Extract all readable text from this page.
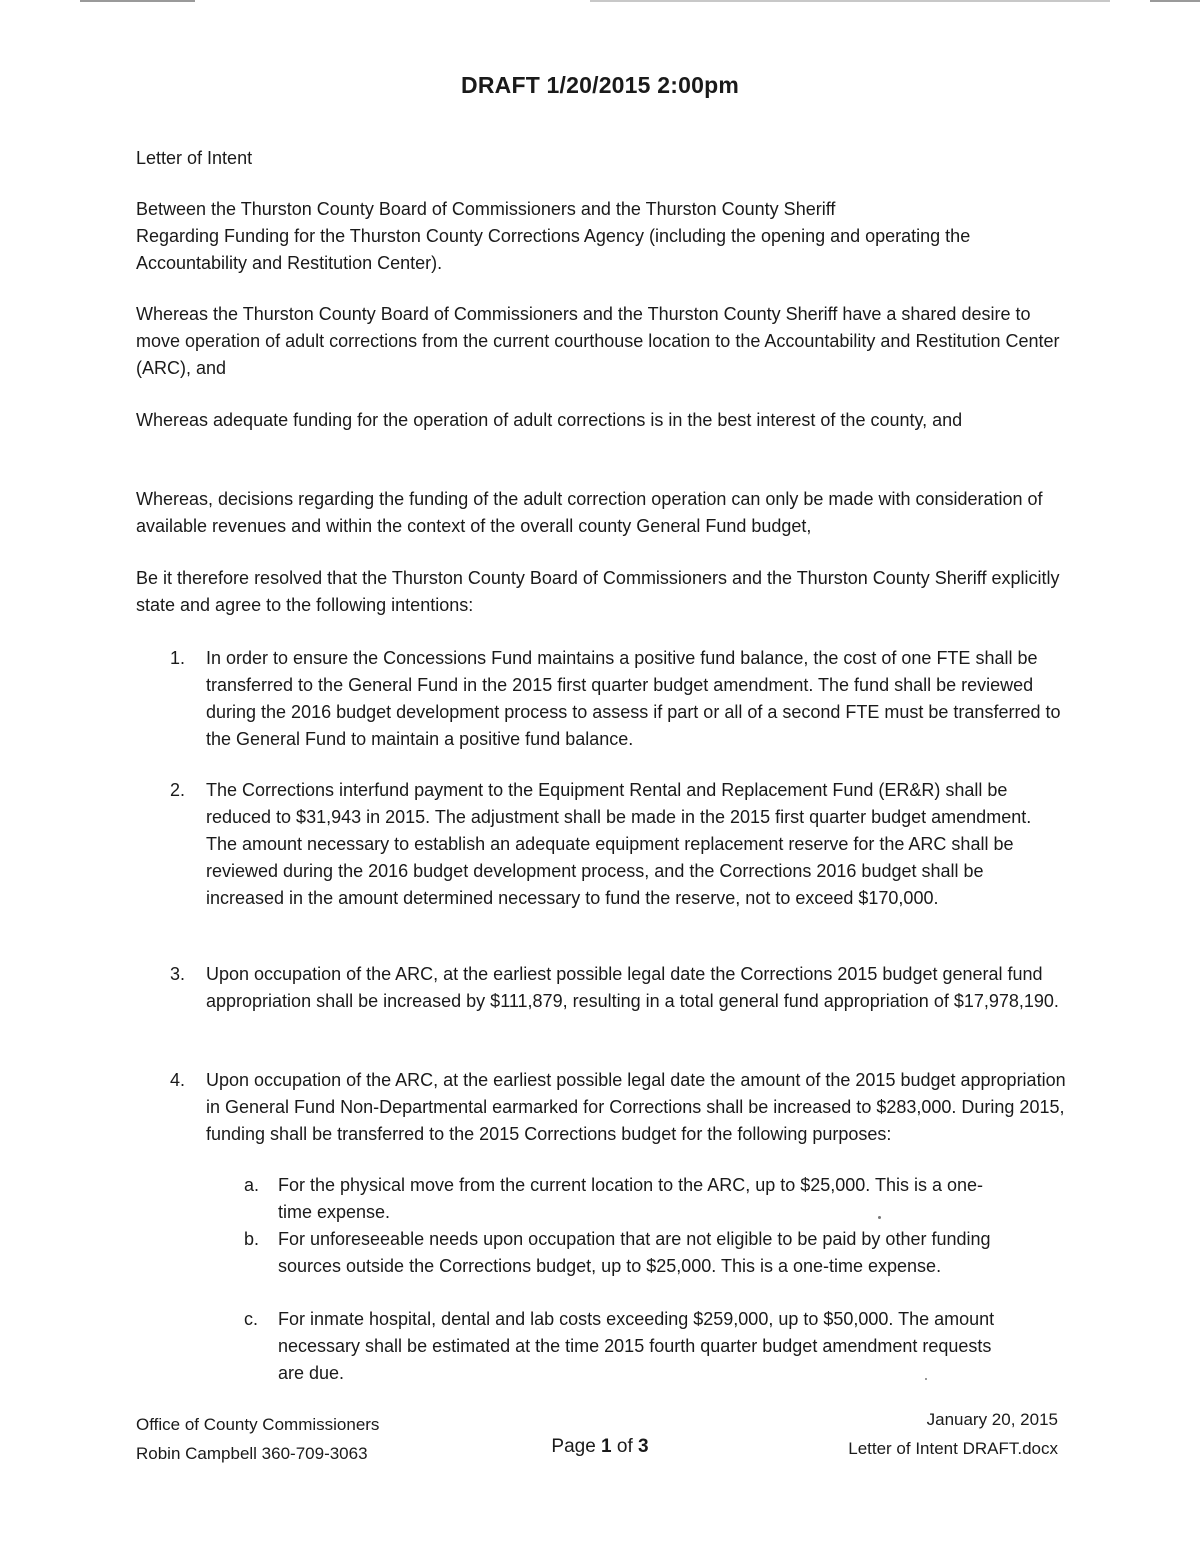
DRAFT 1/20/2015 2:00pm
Letter of Intent
Between the Thurston County Board of Commissioners and the Thurston County Sheriff
Regarding Funding for the Thurston County Corrections Agency (including the opening and operating the Accountability and Restitution Center).
Whereas the Thurston County Board of Commissioners and the Thurston County Sheriff have a shared desire to move operation of adult corrections from the current courthouse location to the Accountability and Restitution Center (ARC), and
Whereas adequate funding for the operation of adult corrections is in the best interest of the county, and
Whereas, decisions regarding the funding of the adult correction operation can only be made with consideration of available revenues and within the context of the overall county General Fund budget,
Be it therefore resolved that the Thurston County Board of Commissioners and the Thurston County Sheriff explicitly state and agree to the following intentions:
1. In order to ensure the Concessions Fund maintains a positive fund balance, the cost of one FTE shall be transferred to the General Fund in the 2015 first quarter budget amendment. The fund shall be reviewed during the 2016 budget development process to assess if part or all of a second FTE must be transferred to the General Fund to maintain a positive fund balance.
2. The Corrections interfund payment to the Equipment Rental and Replacement Fund (ER&R) shall be reduced to $31,943 in 2015. The adjustment shall be made in the 2015 first quarter budget amendment. The amount necessary to establish an adequate equipment replacement reserve for the ARC shall be reviewed during the 2016 budget development process, and the Corrections 2016 budget shall be increased in the amount determined necessary to fund the reserve, not to exceed $170,000.
3. Upon occupation of the ARC, at the earliest possible legal date the Corrections 2015 budget general fund appropriation shall be increased by $111,879, resulting in a total general fund appropriation of $17,978,190.
4. Upon occupation of the ARC, at the earliest possible legal date the amount of the 2015 budget appropriation in General Fund Non-Departmental earmarked for Corrections shall be increased to $283,000. During 2015, funding shall be transferred to the 2015 Corrections budget for the following purposes:
a. For the physical move from the current location to the ARC, up to $25,000. This is a one-time expense.
b. For unforeseeable needs upon occupation that are not eligible to be paid by other funding sources outside the Corrections budget, up to $25,000. This is a one-time expense.
c. For inmate hospital, dental and lab costs exceeding $259,000, up to $50,000. The amount necessary shall be estimated at the time 2015 fourth quarter budget amendment requests are due.
Office of County Commissioners
Robin Campbell 360-709-3063	Page 1 of 3
January 20, 2015
Letter of Intent DRAFT.docx
